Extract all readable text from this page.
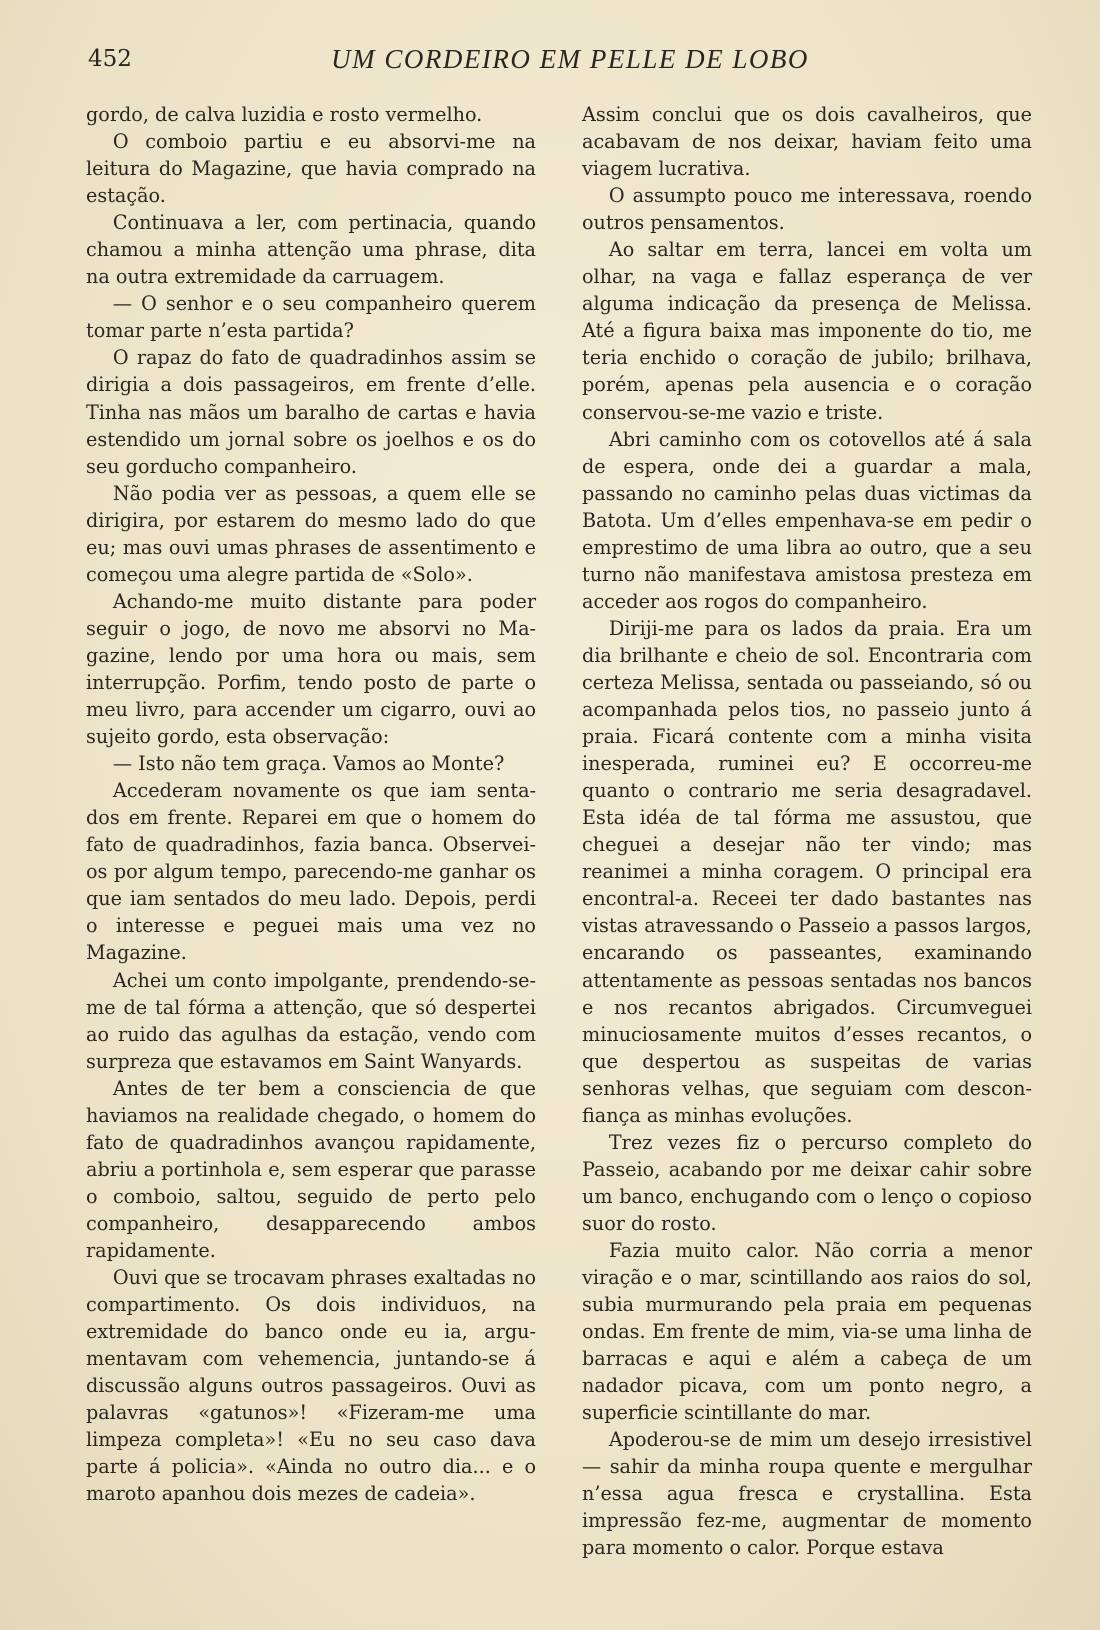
452	UM CORDEIRO EM PELLE DE LOBO

gordo, de calva luzidia e rosto vermelho.

O comboio partiu e eu absorvi-me na leitura do Magazine, que havia comprado na estação.

Continuava a ler, com pertinacia, quando chamou a minha attenção uma phrase, dita na outra extremidade da carruagem.

— O senhor e o seu companheiro querem tomar parte n’esta partida?

O rapaz do fato de quadradinhos assim se dirigia a dois passageiros, em frente d’elle. Tinha nas mãos um baralho de cartas e havia estendido um jornal sobre os joelhos e os do seu gorducho companheiro.

Não podia ver as pessoas, a quem elle se dirigira, por estarem do mesmo lado do que eu; mas ouvi umas phrases de assentimento e começou uma alegre partida de «Solo».

Achando-me muito distante para poder seguir o jogo, de novo me absorvi no Magazine, lendo por uma hora ou mais, sem interrupção. Porfim, tendo posto de parte o meu livro, para accender um cigarro, ouvi ao sujeito gordo, esta observação:

— Isto não tem graça. Vamos ao Monte?

Accederam novamente os que iam sentados em frente. Reparei em que o homem do fato de quadradinhos, fazia banca. Observei-os por algum tempo, parecendo-me ganhar os que iam sentados do meu lado. Depois, perdi o interesse e peguei mais uma vez no Magazine.

Achei um conto impolgante, prendendo-se-me de tal fórma a attenção, que só despertei ao ruido das agulhas da estação, vendo com surpreza que estavamos em Saint Wanyards.

Antes de ter bem a consciencia de que haviamos na realidade chegado, o homem do fato de quadradinhos avançou rapidamente, abriu a portinhola e, sem esperar que parasse o comboio, saltou, seguido de perto pelo companheiro, desapparecendo ambos rapidamente.

Ouvi que se trocavam phrases exaltadas no compartimento. Os dois individuos, na extremidade do banco onde eu ia, argumentavam com vehemencia, juntando-se á discussão alguns outros passageiros. Ouvi as palavras «gatunos»! «Fizeram-me uma limpeza completa»! «Eu no seu caso dava parte á policia». «Ainda no outro dia... e o maroto apanhou dois mezes de cadeia».

Assim conclui que os dois cavalheiros, que acabavam de nos deixar, haviam feito uma viagem lucrativa.

O assumpto pouco me interessava, roendo outros pensamentos.

Ao saltar em terra, lancei em volta um olhar, na vaga e fallaz esperança de ver alguma indicação da presença de Melissa. Até a figura baixa mas imponente do tio, me teria enchido o coração de jubilo; brilhava, porém, apenas pela ausencia e o coração conservou-se-me vazio e triste.

Abri caminho com os cotovellos até á sala de espera, onde dei a guardar a mala, passando no caminho pelas duas victimas da Batota. Um d’elles empenhava-se em pedir o emprestimo de uma libra ao outro, que a seu turno não manifestava amistosa presteza em acceder aos rogos do companheiro.

Diriji-me para os lados da praia. Era um dia brilhante e cheio de sol. Encontraria com certeza Melissa, sentada ou passeiando, só ou acompanhada pelos tios, no passeio junto á praia. Ficará contente com a minha visita inesperada, ruminei eu? E occorreu-me quanto o contrario me seria desagradavel. Esta idéa de tal fórma me assustou, que cheguei a desejar não ter vindo; mas reanimei a minha coragem. O principal era encontral-a. Receei ter dado bastantes nas vistas atravessando o Passeio a passos largos, encarando os passeantes, examinando attentamente as pessoas sentadas nos bancos e nos recantos abrigados. Circumveguei minuciosamente muitos d’esses recantos, o que despertou as suspeitas de varias senhoras velhas, que seguiam com desconfiança as minhas evoluções.

Trez vezes fiz o percurso completo do Passeio, acabando por me deixar cahir sobre um banco, enchugando com o lenço o copioso suor do rosto.

Fazia muito calor. Não corria a menor viração e o mar, scintillando aos raios do sol, subia murmurando pela praia em pequenas ondas. Em frente de mim, via-se uma linha de barracas e aqui e além a cabeça de um nadador picava, com um ponto negro, a superficie scintillante do mar.

Apoderou-se de mim um desejo irresistivel — sahir da minha roupa quente e mergulhar n’essa agua fresca e crystallina. Esta impressão fez-me, augmentar de momento para momento o calor. Porque estava
